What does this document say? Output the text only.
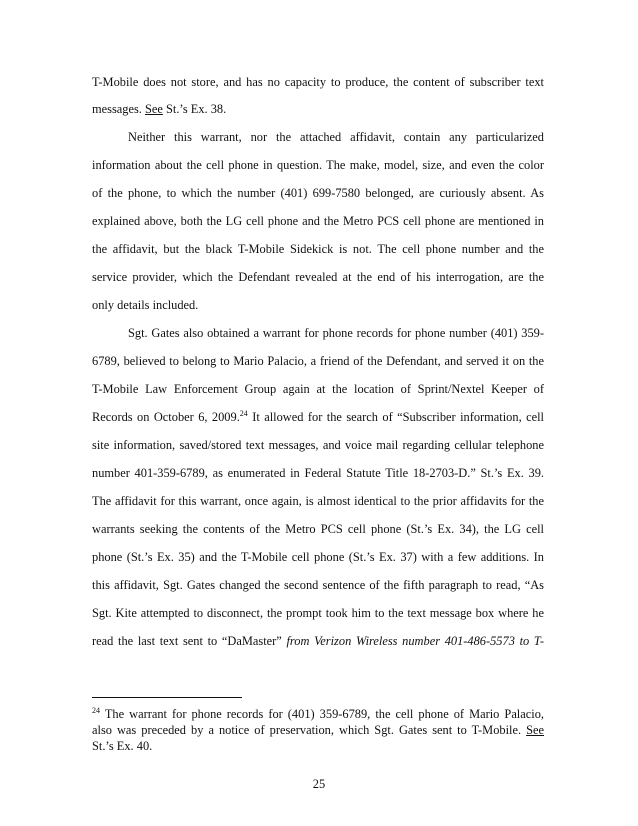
T-Mobile does not store, and has no capacity to produce, the content of subscriber text
messages. See St.’s Ex. 38.
Neither this warrant, nor the attached affidavit, contain any particularized
information about the cell phone in question. The make, model, size, and even the color
of the phone, to which the number (401) 699-7580 belonged, are curiously absent. As
explained above, both the LG cell phone and the Metro PCS cell phone are mentioned in
the affidavit, but the black T-Mobile Sidekick is not. The cell phone number and the
service provider, which the Defendant revealed at the end of his interrogation, are the
only details included.
Sgt. Gates also obtained a warrant for phone records for phone number (401) 359-
6789, believed to belong to Mario Palacio, a friend of the Defendant, and served it on the
T-Mobile Law Enforcement Group again at the location of Sprint/Nextel Keeper of
Records on October 6, 2009.24 It allowed for the search of “Subscriber information, cell
site information, saved/stored text messages, and voice mail regarding cellular telephone
number 401-359-6789, as enumerated in Federal Statute Title 18-2703-D.” St.’s Ex. 39.
The affidavit for this warrant, once again, is almost identical to the prior affidavits for the
warrants seeking the contents of the Metro PCS cell phone (St.’s Ex. 34), the LG cell
phone (St.’s Ex. 35) and the T-Mobile cell phone (St.’s Ex. 37) with a few additions. In
this affidavit, Sgt. Gates changed the second sentence of the fifth paragraph to read, “As
Sgt. Kite attempted to disconnect, the prompt took him to the text message box where he
read the last text sent to “DaMaster” from Verizon Wireless number 401-486-5573 to T-
$^{24}$ The warrant for phone records for (401) 359-6789, the cell phone of Mario Palacio,
also was preceded by a notice of preservation, which Sgt. Gates sent to T-Mobile. See
St.’s Ex. 40.
25
